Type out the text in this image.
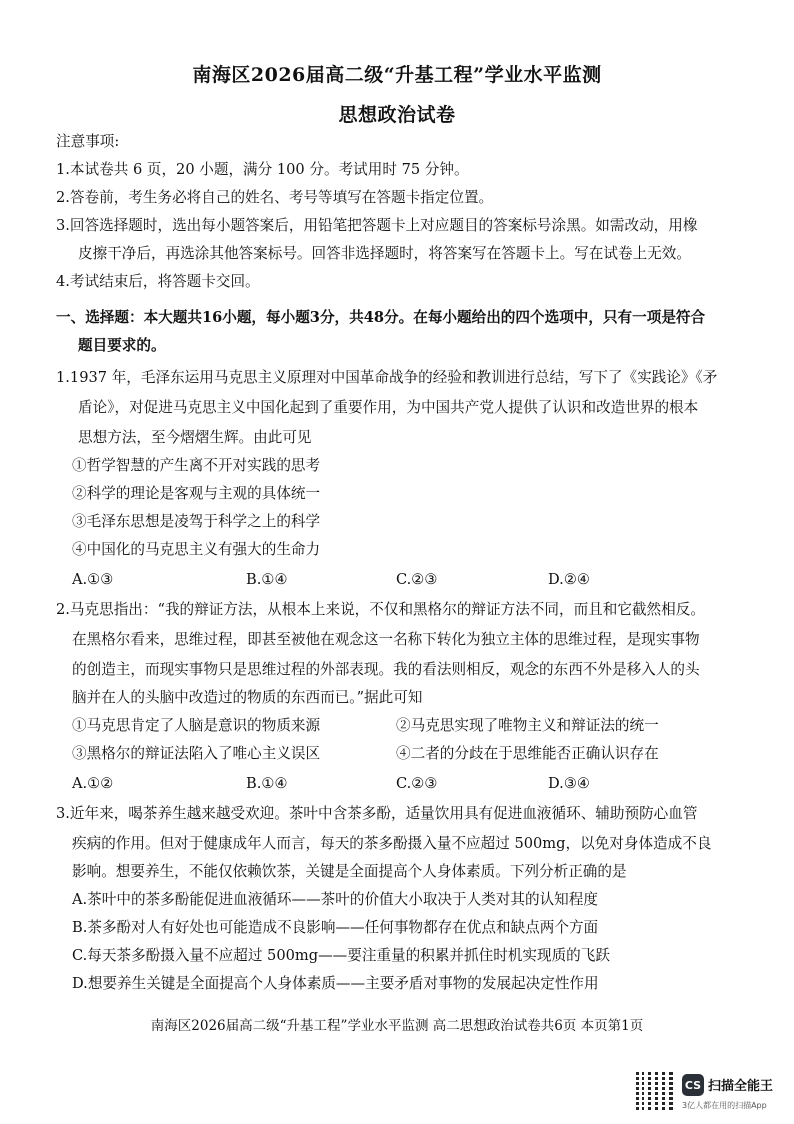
南海区2026届高二级“升基工程”学业水平监测
思想政治试卷
注意事项:
1.本试卷共 6 页，20 小题，满分 100 分。考试用时 75 分钟。
2.答卷前，考生务必将自己的姓名、考号等填写在答题卡指定位置。
3.回答选择题时，选出每小题答案后，用铅笔把答题卡上对应题目的答案标号涂黑。如需改动，用橡
皮擦干净后，再选涂其他答案标号。回答非选择题时，将答案写在答题卡上。写在试卷上无效。
4.考试结束后，将答题卡交回。
一、选择题：本大题共16小题，每小题3分，共48分。在每小题给出的四个选项中，只有一项是符合
题目要求的。
1.1937 年，毛泽东运用马克思主义原理对中国革命战争的经验和教训进行总结，写下了《实践论》《矛
盾论》，对促进马克思主义中国化起到了重要作用，为中国共产党人提供了认识和改造世界的根本
思想方法，至今熠熠生辉。由此可见
①哲学智慧的产生离不开对实践的思考
②科学的理论是客观与主观的具体统一
③毛泽东思想是凌驾于科学之上的科学
④中国化的马克思主义有强大的生命力
A.①③	B.①④	C.②③	D.②④
2.马克思指出：“我的辩证方法，从根本上来说，不仅和黑格尔的辩证方法不同，而且和它截然相反。
在黑格尔看来，思维过程，即甚至被他在观念这一名称下转化为独立主体的思维过程，是现实事物
的创造主，而现实事物只是思维过程的外部表现。我的看法则相反，观念的东西不外是移入人的头
脑并在人的头脑中改造过的物质的东西而已。”据此可知
①马克思肯定了人脑是意识的物质来源	②马克思实现了唯物主义和辩证法的统一
③黑格尔的辩证法陷入了唯心主义误区	④二者的分歧在于思维能否正确认识存在
A.①②	B.①④	C.②③	D.③④
3.近年来，喝茶养生越来越受欢迎。茶叶中含茶多酚，适量饮用具有促进血液循环、辅助预防心血管
疾病的作用。但对于健康成年人而言，每天的茶多酚摄入量不应超过 500mg，以免对身体造成不良
影响。想要养生，不能仅依赖饮茶，关键是全面提高个人身体素质。下列分析正确的是
A.茶叶中的茶多酚能促进血液循环——茶叶的价值大小取决于人类对其的认知程度
B.茶多酚对人有好处也可能造成不良影响——任何事物都存在优点和缺点两个方面
C.每天茶多酚摄入量不应超过 500mg——要注重量的积累并抓住时机实现质的飞跃
D.想要养生关键是全面提高个人身体素质——主要矛盾对事物的发展起决定性作用
南海区2026届高二级“升基工程”学业水平监测 高二思想政治试卷共6页 本页第1页
CS 扫描全能王
3亿人都在用的扫描App
